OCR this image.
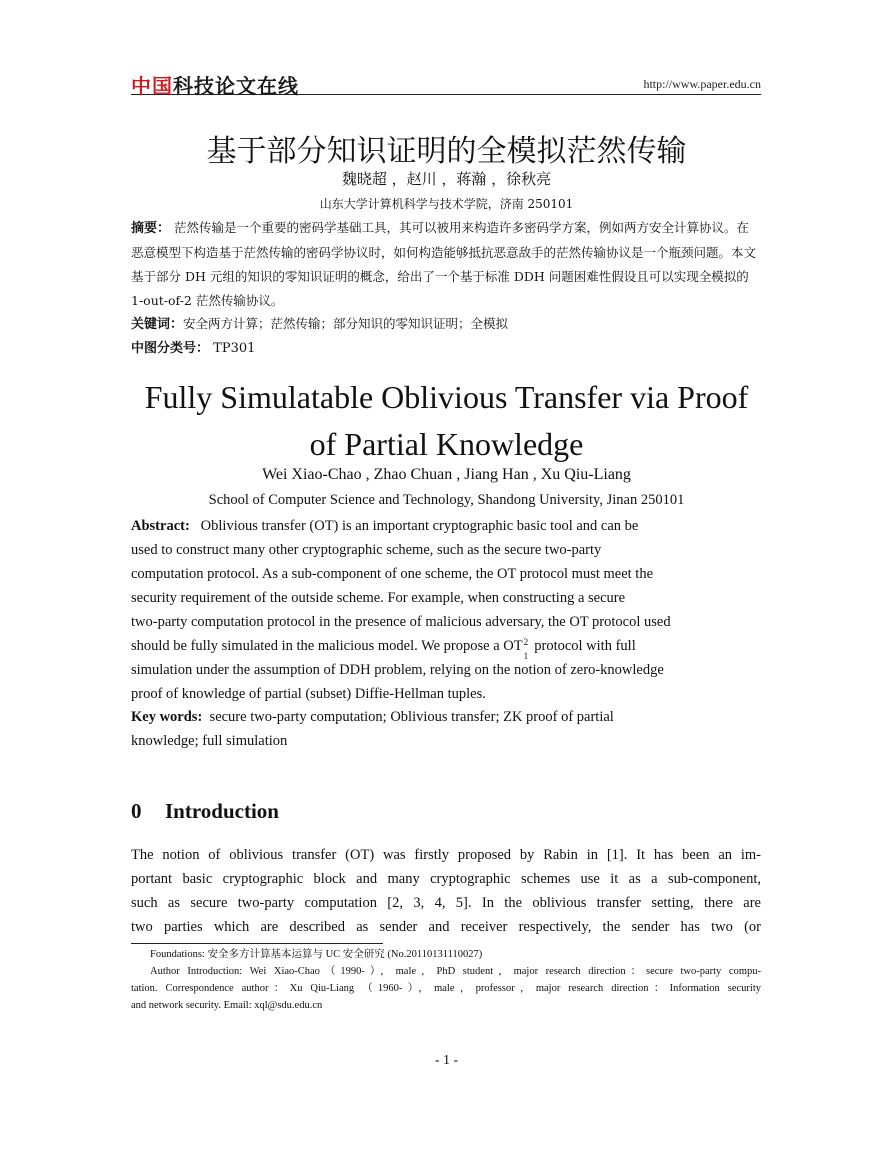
中国科技论文在线	http://www.paper.edu.cn
基于部分知识证明的全模拟茫然传输
魏晓超 ，赵川 ，蒋瀚 ，徐秋亮
山东大学计算机科学与技术学院，济南 250101
摘要： 茫然传输是一个重要的密码学基础工具，其可以被用来构造许多密码学方案，例如两方安全计算协议。在恶意模型下构造基于茫然传输的密码学协议时，如何构造能够抵抗恶意敌手的茫然传输协议是一个瓶颈问题。本文基于部分 DH 元组的知识的零知识证明的概念，给出了一个基于标准 DDH 问题困难性假设且可以实现全模拟的 1-out-of-2 茫然传输协议。
关键词：安全两方计算；茫然传输；部分知识的零知识证明；全模拟
中图分类号： TP301
Fully Simulatable Oblivious Transfer via Proof
of Partial Knowledge
Wei Xiao-Chao , Zhao Chuan , Jiang Han , Xu Qiu-Liang
School of Computer Science and Technology, Shandong University, Jinan 250101
Abstract: Oblivious transfer (OT) is an important cryptographic basic tool and can be
used to construct many other cryptographic scheme, such as the secure two-party
computation protocol. As a sub-component of one scheme, the OT protocol must meet the
security requirement of the outside scheme. For example, when constructing a secure
two-party computation protocol in the presence of malicious adversary, the OT protocol used
should be fully simulated in the malicious model. We propose a OT 2
1
protocol with full
simulation under the assumption of DDH problem, relying on the notion of zero-knowledge
proof of knowledge of partial (subset) Diffie-Hellman tuples.
Key words: secure two-party computation; Oblivious transfer; ZK proof of partial
knowledge; full simulation
0 Introduction
The notion of oblivious transfer (OT) was firstly proposed by Rabin in [1]. It has been an im-
portant basic cryptographic block and many cryptographic schemes use it as a sub-component,
such as secure two-party computation [2, 3, 4, 5]. In the oblivious transfer setting, there are
two parties which are described as sender and receiver respectively, the sender has two (or
Foundations: 安全多方计算基本运算与 UC 安全研究 (No.20110131110027)
Author Introduction: Wei Xiao-Chao（1990-），male，PhD student，major research direction：secure two-party compu-
tation. Correspondence author：Xu Qiu-Liang （1960-），male，professor，major research direction：Information security
and network security. Email: xql@sdu.edu.cn
- 1 -
